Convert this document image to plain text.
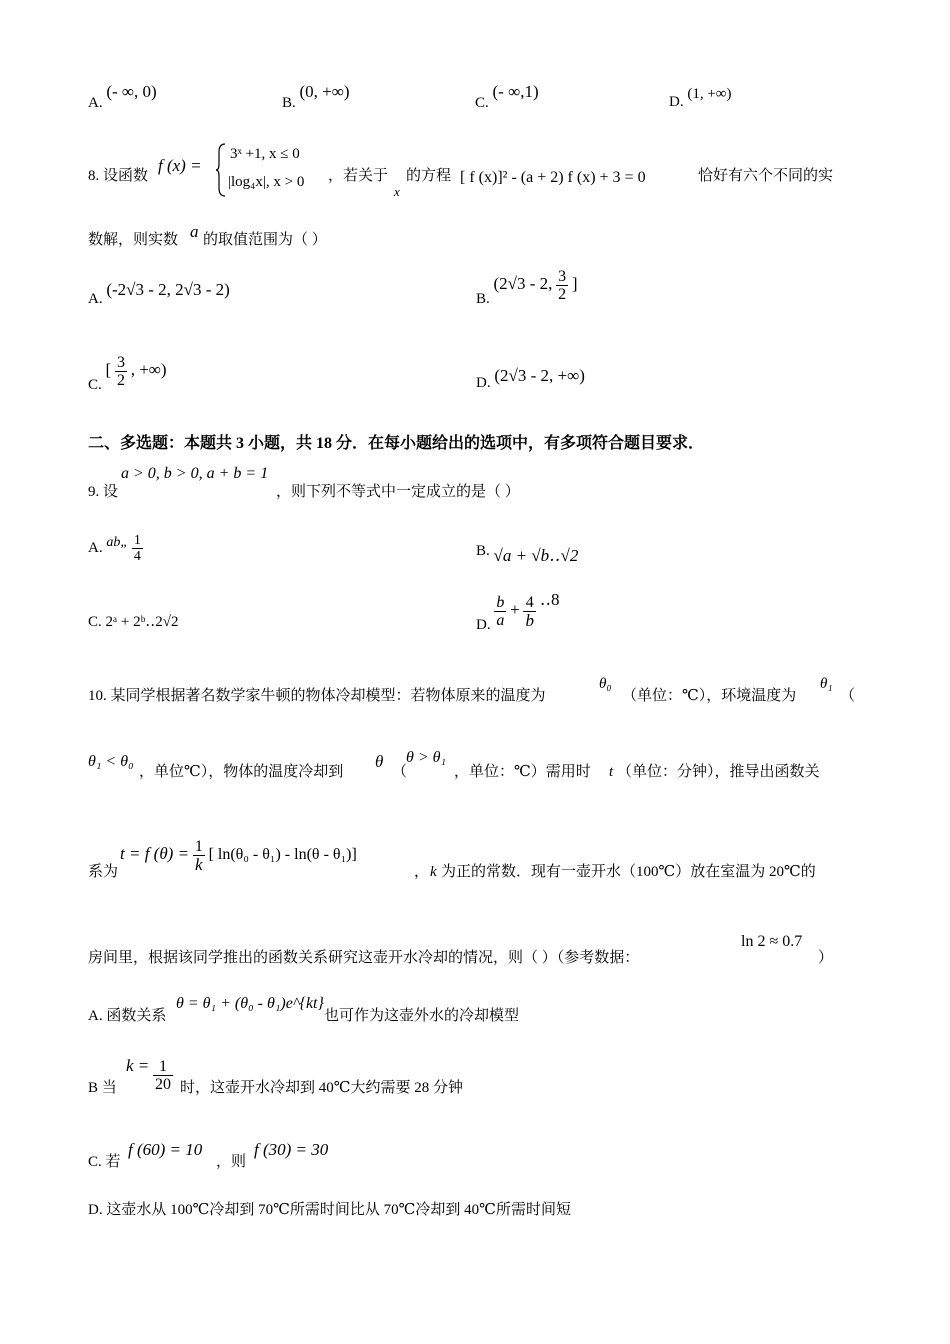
A. (- ∞, 0)
B. (0, +∞)
C. (- ∞,1)
D. (1, +∞)
8. 设函数
f (x) =
3ˣ +1, x ≤ 0
|log₄x|, x > 0 ，若关于
x
的方程 [ f (x)]² - (a + 2) f (x) + 3 = 0	恰好有六个不同的实
数解，则实数 a 的取值范围为（ ）
A. (-2√3 - 2, 2√3 - 2)	B. (2√3 - 2, $\frac{3}{2}$ ]
C. [ $\frac{3}{2}$ , +∞)
D. (2√3 - 2, +∞)
二、多选题：本题共 3 小题，共 18 分．在每小题给出的选项中，有多项符合题目要求．
9. 设
a > 0, b > 0, a + b = 1
，则下列不等式中一定成立的是（ ）
A. ab„ $\frac{1}{4}$	B. √a + √b‥√2
C. 2ᵃ + 2ᵇ‥2√2	D. $\frac{b}{a} + \frac{4}{b}$ ‥8
10. 某同学根据著名数学家牛顿的物体冷却模型：若物体原来的温度为
θ₀
（单位：℃），环境温度为
θ₁
（
θ₁ < θ₀
，单位℃），物体的温度冷却到
θ
（
θ > θ₁
，单位：℃）需用时 t （单位：分钟），推导出函数关
系为
t = f $(\theta) = \frac{1}{k}$ [ ln(θ₀ - θ₁) - ln(θ - θ₁)]
， k 为正的常数．现有一壶开水（100℃）放在室温为 20℃的
房间里，根据该同学推出的函数关系研究这壶开水冷却的情况，则（ ）（参考数据：
ln 2 ≈ 0.7
）
A. 函数关系
θ = θ₁ + (θ₀ - θ₁)e^{kt}
也可作为这壶外水的冷却模型
B 当
$k = \frac{1}{20}$ 时，这壶开水冷却到 40℃大约需要 28 分钟
C. 若
f (60) = 10
，则
f (30) = 30
D. 这壶水从 100℃冷却到 70℃所需时间比从 70℃冷却到 40℃所需时间短
